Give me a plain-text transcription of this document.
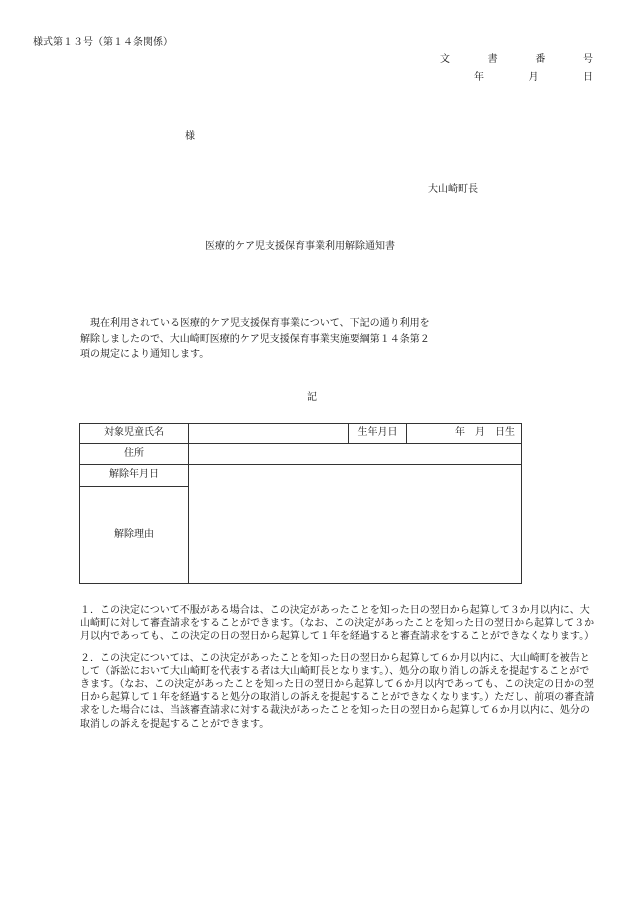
様式第１３号（第１４条関係）
文	書	番	号
年	月	日
様
大山崎町長
医療的ケア児支援保育事業利用解除通知書
現在利用されている医療的ケア児支援保育事業について、下記の通り利用を
解除しましたので、大山崎町医療的ケア児支援保育事業実施要綱第１４条第２
項の規定により通知します。
記
対象児童氏名		生年月日	年　月　日生
住所			
解除年月日			
解除理由			

１．この決定について不服がある場合は、この決定があったことを知った日の翌日から起算して３か月以内に、大山崎町に対して審査請求をすることができます。（なお、この決定があったことを知った日の翌日から起算して３か月以内であっても、この決定の日の翌日から起算して１年を経過すると審査請求をすることができなくなります。）

２．この決定については、この決定があったことを知った日の翌日から起算して６か月以内に、大山崎町を被告として（訴訟において大山崎町を代表する者は大山崎町長となります。）、処分の取り消しの訴えを提起することができます。（なお、この決定があったことを知った日の翌日から起算して６か月以内であっても、この決定の日かの翌日から起算して１年を経過すると処分の取消しの訴えを提起することができなくなります。）ただし、前項の審査請求をした場合には、当該審査請求に対する裁決があったことを知った日の翌日から起算して６か月以内に、処分の取消しの訴えを提起することができます。
